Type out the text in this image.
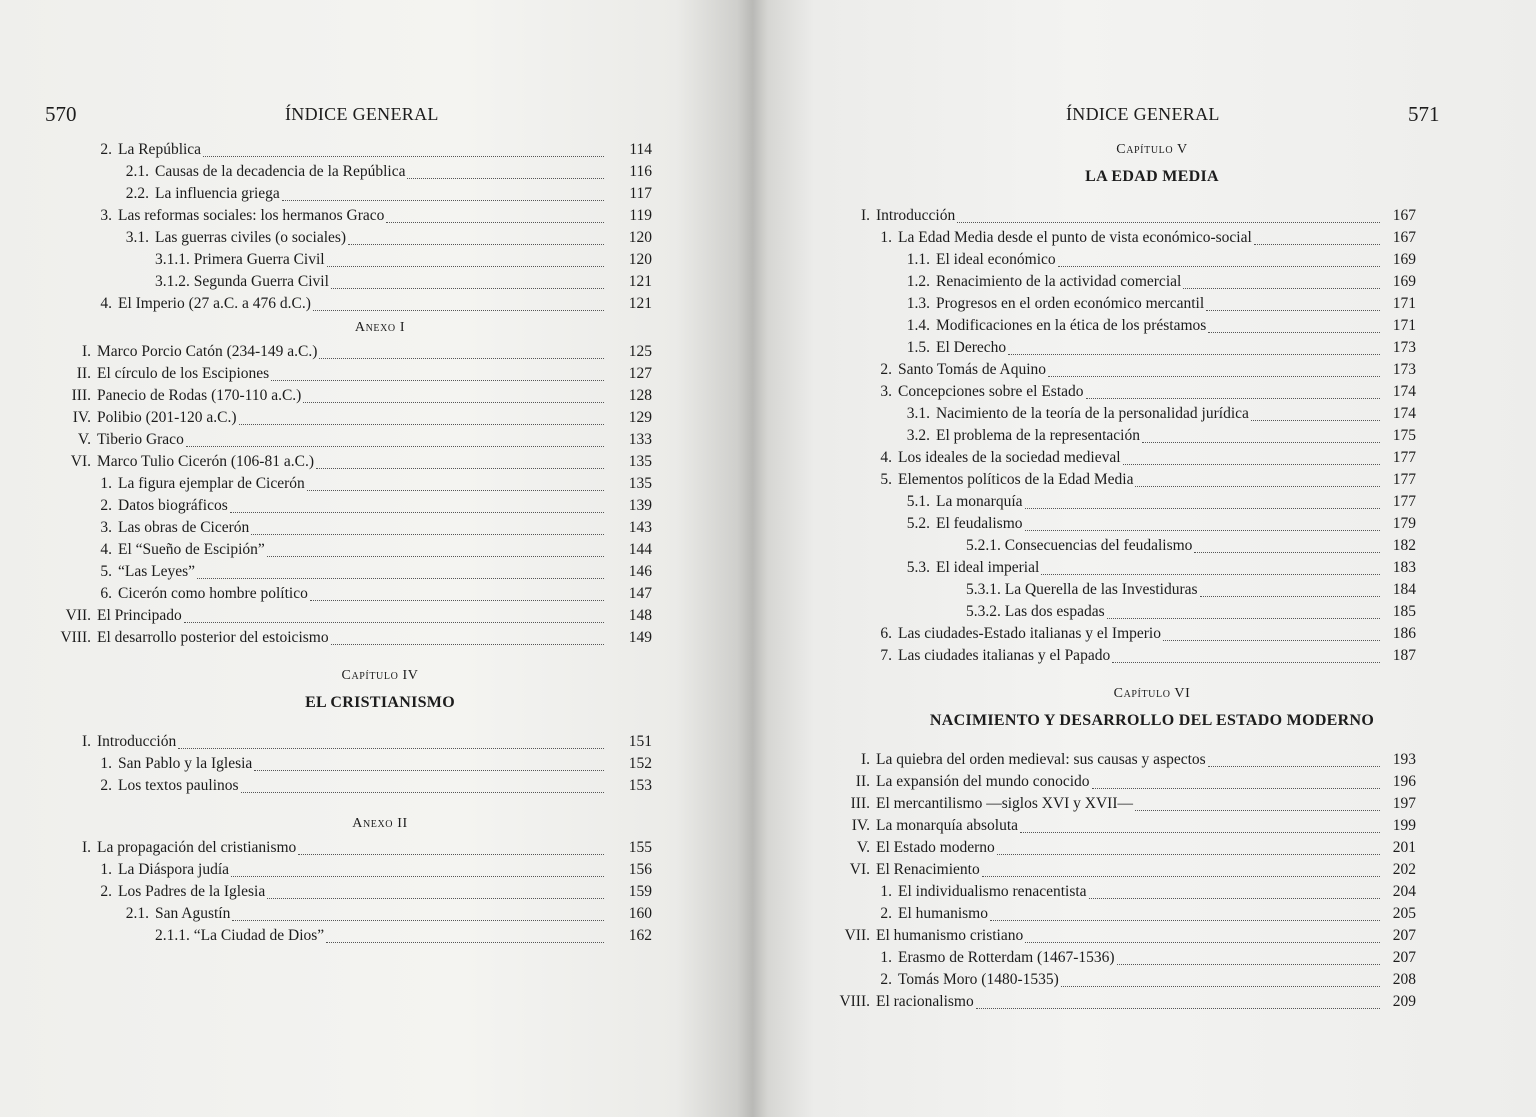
570	ÍNDICE GENERAL
2. La República	114
2.1. Causas de la decadencia de la República	116
2.2. La influencia griega	117
3. Las reformas sociales: los hermanos Graco	119
3.1. Las guerras civiles (o sociales)	120
3.1.1. Primera Guerra Civil	120
3.1.2. Segunda Guerra Civil	121
4. El Imperio (27 a.C. a 476 d.C.)	121
Anexo I
I. Marco Porcio Catón (234-149 a.C.)	125
II. El círculo de los Escipiones	127
III. Panecio de Rodas (170-110 a.C.)	128
IV. Polibio (201-120 a.C.)	129
V. Tiberio Graco	133
VI. Marco Tulio Cicerón (106-81 a.C.)	135
1. La figura ejemplar de Cicerón	135
2. Datos biográficos	139
3. Las obras de Cicerón	143
4. El “Sueño de Escipión”	144
5. “Las Leyes”	146
6. Cicerón como hombre político	147
VII. El Principado	148
VIII. El desarrollo posterior del estoicismo	149
Capítulo IV
EL CRISTIANISMO
I. Introducción	151
1. San Pablo y la Iglesia	152
2. Los textos paulinos	153
Anexo II
I. La propagación del cristianismo	155
1. La Diáspora judía	156
2. Los Padres de la Iglesia	159
2.1. San Agustín	160
2.1.1. “La Ciudad de Dios”	162
571
ÍNDICE GENERAL
Capítulo V
LA EDAD MEDIA
I. Introducción	167
1. La Edad Media desde el punto de vista económico-social	167
1.1. El ideal económico	169
1.2. Renacimiento de la actividad comercial	169
1.3. Progresos en el orden económico mercantil	171
1.4. Modificaciones en la ética de los préstamos	171
1.5. El Derecho	173
2. Santo Tomás de Aquino	173
3. Concepciones sobre el Estado	174
3.1. Nacimiento de la teoría de la personalidad jurídica	174
3.2. El problema de la representación	175
4. Los ideales de la sociedad medieval	177
5. Elementos políticos de la Edad Media	177
5.1. La monarquía	177
5.2. El feudalismo	179
5.2.1. Consecuencias del feudalismo	182
5.3. El ideal imperial	183
5.3.1. La Querella de las Investiduras	184
5.3.2. Las dos espadas	185
6. Las ciudades-Estado italianas y el Imperio	186
7. Las ciudades italianas y el Papado	187
Capítulo VI
NACIMIENTO Y DESARROLLO DEL ESTADO MODERNO
I. La quiebra del orden medieval: sus causas y aspectos	193
II. La expansión del mundo conocido	196
III. El mercantilismo —siglos XVI y XVII—	197
IV. La monarquía absoluta	199
V. El Estado moderno	201
VI. El Renacimiento	202
1. El individualismo renacentista	204
2. El humanismo	205
VII. El humanismo cristiano	207
1. Erasmo de Rotterdam (1467-1536)	207
2. Tomás Moro (1480-1535)	208
VIII. El racionalismo	209
